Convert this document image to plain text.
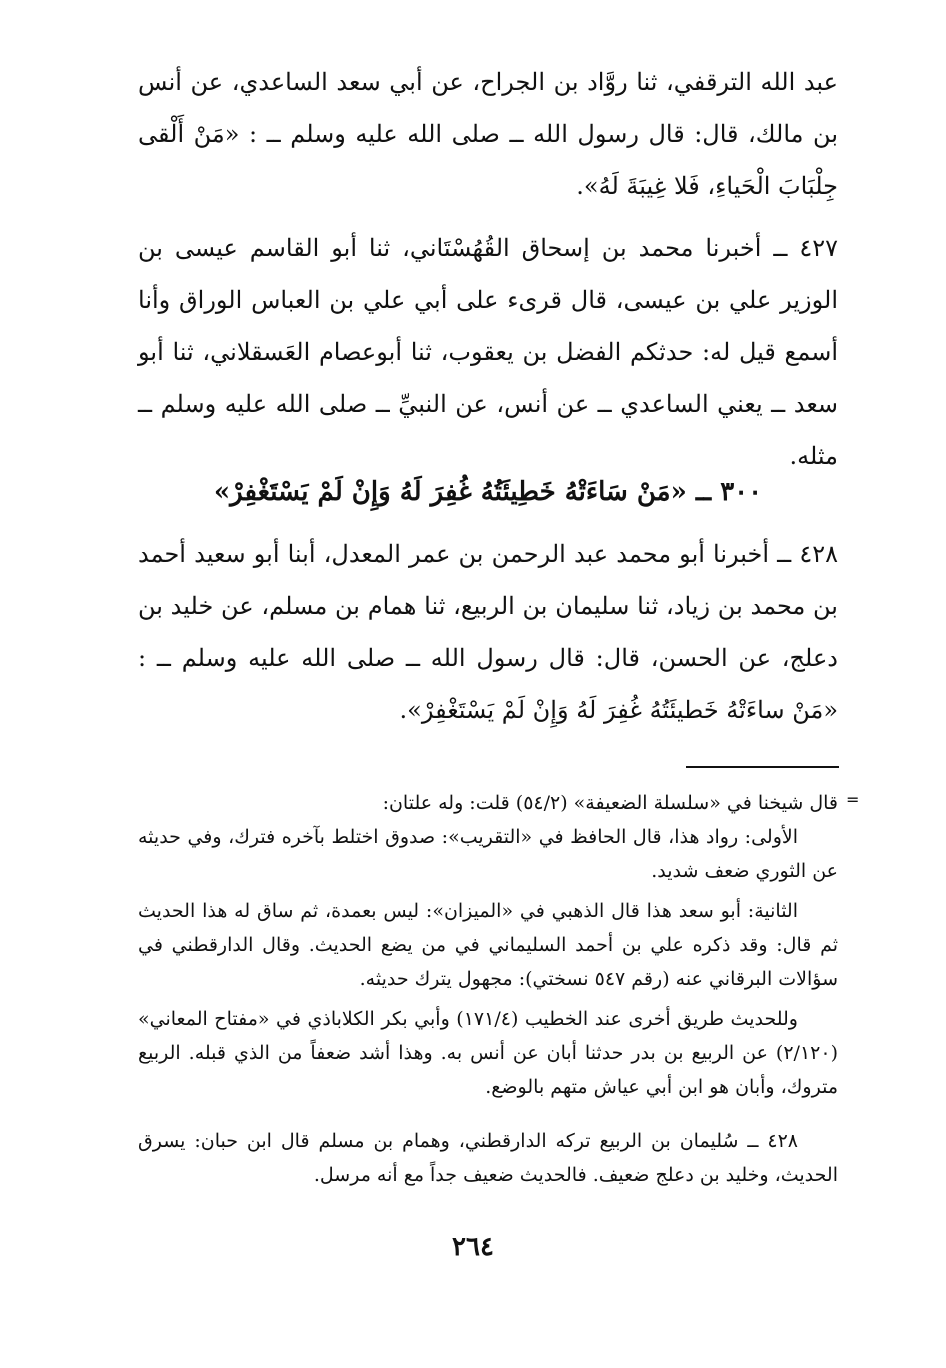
عبد الله الترقفي، ثنا روَّاد بن الجراح، عن أبي سعد الساعدي، عن أنس بن مالك، قال: قال رسول الله ــ صلى الله عليه وسلم ــ : «مَنْ أَلْقى جِلْبَابَ الْحَياءِ، فَلا غِيبَةَ لَهُ».

٤٢٧ ــ أخبرنا محمد بن إسحاق القُهُسْتَاني، ثنا أبو القاسم عيسى بن الوزير علي بن عيسى، قال قرىء على أبي علي بن العباس الوراق وأنا أسمع قيل له: حدثكم الفضل بن يعقوب، ثنا أبوعصام العَسقلاني، ثنا أبو سعد ــ يعني الساعدي ــ عن أنس، عن النبيِّ ــ صلى الله عليه وسلم ــ مثله.

٣٠٠ ــ «مَنْ سَاءَتْهُ خَطِيئَتُهُ غُفِرَ لَهُ وَإِنْ لَمْ يَسْتَغْفِرْ»

٤٢٨ ــ أخبرنا أبو محمد عبد الرحمن بن عمر المعدل، أبنا أبو سعيد أحمد بن محمد بن زياد، ثنا سليمان بن الربيع، ثنا همام بن مسلم، عن خليد بن دعلج، عن الحسن، قال: قال رسول الله ــ صلى الله عليه وسلم ــ : «مَنْ ساءَتْهُ خَطيئَتُهُ غُفِرَ لَهُ وَإِنْ لَمْ يَسْتَغْفِرْ».

=

قال شيخنا في «سلسلة الضعيفة» (٥٤/٢) قلت: وله علتان:

الأولى: رواد هذا، قال الحافظ في «التقريب»: صدوق اختلط بآخره فترك، وفي حديثه عن الثوري ضعف شديد.

الثانية: أبو سعد هذا قال الذهبي في «الميزان»: ليس بعمدة، ثم ساق له هذا الحديث ثم قال: وقد ذكره علي بن أحمد السليماني في من يضع الحديث. وقال الدارقطني في سؤالات البرقاني عنه (رقم ٥٤٧ نسختي): مجهول يترك حديثه.

وللحديث طريق أخرى عند الخطيب (١٧١/٤) وأبي بكر الكلاباذي في «مفتاح المعاني» (٢/١٢٠) عن الربيع بن بدر حدثنا أبان عن أنس به. وهذا أشد ضعفاً من الذي قبله. الربيع متروك، وأبان هو ابن أبي عياش متهم بالوضع.

٤٢٨ ــ سُليمان بن الربيع تركه الدارقطني، وهمام بن مسلم قال ابن حبان: يسرق الحديث، وخليد بن دعلج ضعيف. فالحديث ضعيف جداً مع أنه مرسل.

٢٦٤
